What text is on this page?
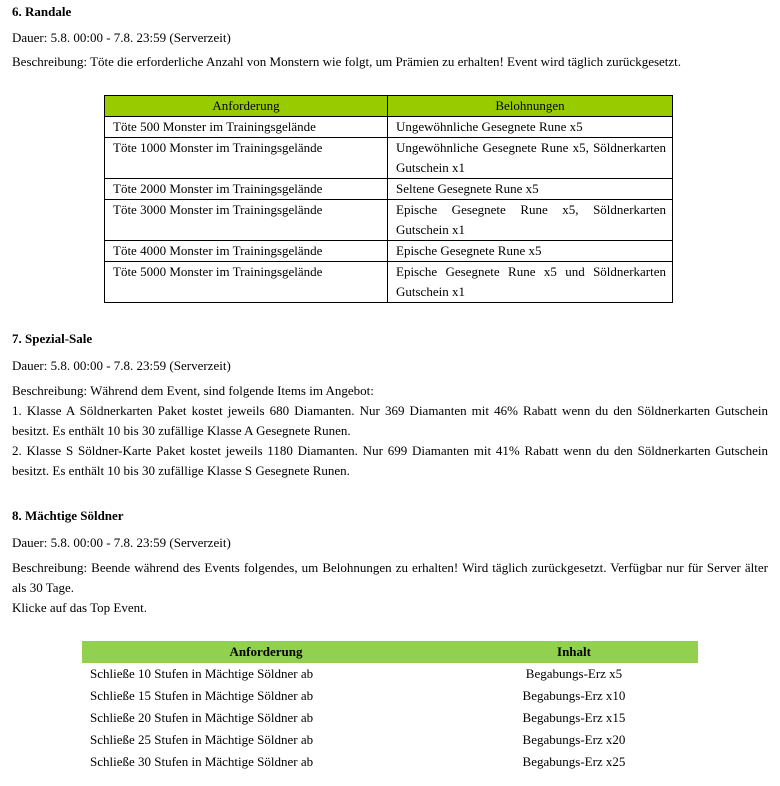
6. Randale

Dauer: 5.8. 00:00 - 7.8. 23:59 (Serverzeit)

Beschreibung: Töte die erforderliche Anzahl von Monstern wie folgt, um Prämien zu erhalten! Event wird täglich zurückgesetzt.

Anforderung	Belohnungen
Töte 500 Monster im Trainingsgelände	Ungewöhnliche Gesegnete Rune x5
Töte 1000 Monster im Trainingsgelände	Ungewöhnliche Gesegnete Rune x5, Söldnerkarten Gutschein x1
Töte 2000 Monster im Trainingsgelände	Seltene Gesegnete Rune x5
Töte 3000 Monster im Trainingsgelände	Epische Gesegnete Rune x5, Söldnerkarten Gutschein x1
Töte 4000 Monster im Trainingsgelände	Epische Gesegnete Rune x5
Töte 5000 Monster im Trainingsgelände	Epische Gesegnete Rune x5 und Söldnerkarten Gutschein x1

7. Spezial-Sale

Dauer: 5.8. 00:00 - 7.8. 23:59 (Serverzeit)

Beschreibung: Während dem Event, sind folgende Items im Angebot:

1. Klasse A Söldnerkarten Paket kostet jeweils 680 Diamanten. Nur 369 Diamanten mit 46% Rabatt wenn du den Söldnerkarten Gutschein besitzt. Es enthält 10 bis 30 zufällige Klasse A Gesegnete Runen.

2. Klasse S Söldner-Karte Paket kostet jeweils 1180 Diamanten. Nur 699 Diamanten mit 41% Rabatt wenn du den Söldnerkarten Gutschein besitzt. Es enthält 10 bis 30 zufällige Klasse S Gesegnete Runen.

8. Mächtige Söldner

Dauer: 5.8. 00:00 - 7.8. 23:59 (Serverzeit)

Beschreibung: Beende während des Events folgendes, um Belohnungen zu erhalten! Wird täglich zurückgesetzt. Verfügbar nur für Server älter als 30 Tage.

Klicke auf das Top Event.

Anforderung	Inhalt
Schließe 10 Stufen in Mächtige Söldner ab	Begabungs-Erz x5
Schließe 15 Stufen in Mächtige Söldner ab	Begabungs-Erz x10
Schließe 20 Stufen in Mächtige Söldner ab	Begabungs-Erz x15
Schließe 25 Stufen in Mächtige Söldner ab	Begabungs-Erz x20
Schließe 30 Stufen in Mächtige Söldner ab	Begabungs-Erz x25
